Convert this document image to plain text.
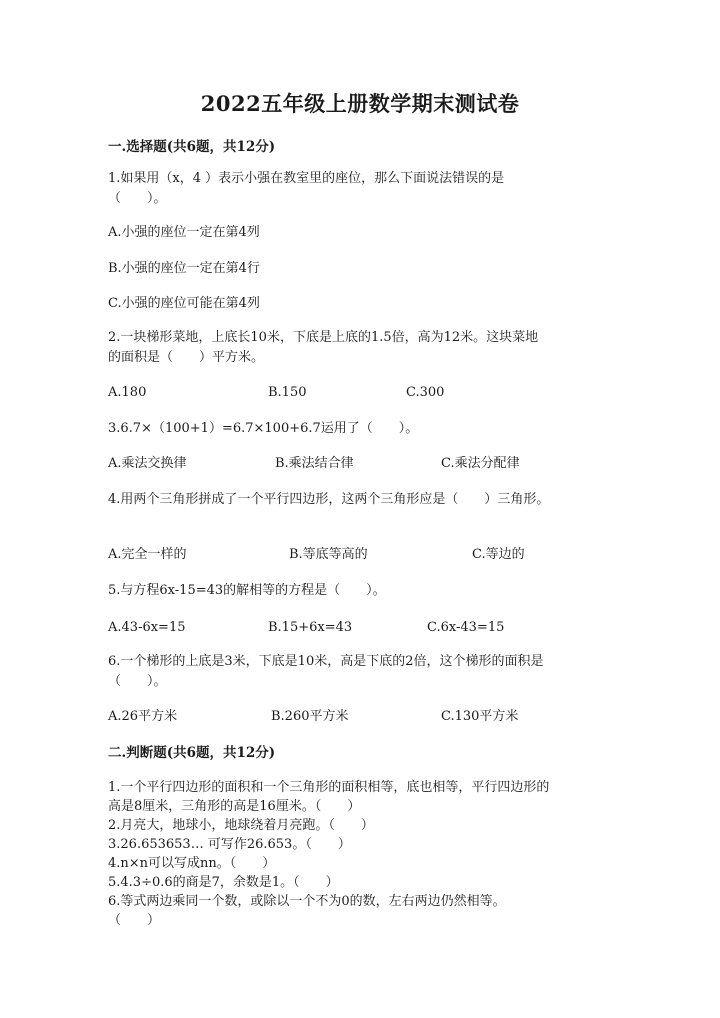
2022五年级上册数学期末测试卷
一.选择题(共6题，共12分)
1.如果用（x，4 ）表示小强在教室里的座位，那么下面说法错误的是
（　　）。
A.小强的座位一定在第4列
B.小强的座位一定在第4行
C.小强的座位可能在第4列
2.一块梯形菜地，上底长10米，下底是上底的1.5倍，高为12米。这块菜地
的面积是（　　）平方米。
A.180	B.150	C.300
3.6.7×（100+1）=6.7×100+6.7运用了（　　）。
A.乘法交换律	B.乘法结合律	C.乘法分配律
4.用两个三角形拼成了一个平行四边形，这两个三角形应是（　　）三角形。
A.完全一样的	B.等底等高的	C.等边的
5.与方程6x-15=43的解相等的方程是（　　）。
A.43-6x=15	B.15+6x=43	C.6x-43=15
6.一个梯形的上底是3米，下底是10米，高是下底的2倍，这个梯形的面积是
（　　）。
A.26平方米	B.260平方米	C.130平方米
二.判断题(共6题，共12分)
1.一个平行四边形的面积和一个三角形的面积相等，底也相等，平行四边形的
高是8厘米，三角形的高是16厘米。（　　）
2.月亮大，地球小，地球绕着月亮跑。（　　）
3.26.653653… 可写作26.653。（　　）
4.n×n可以写成nn。（　　）
5.4.3÷0.6的商是7，余数是1。（　　）
6.等式两边乘同一个数，或除以一个不为0的数，左右两边仍然相等。
（　　）
